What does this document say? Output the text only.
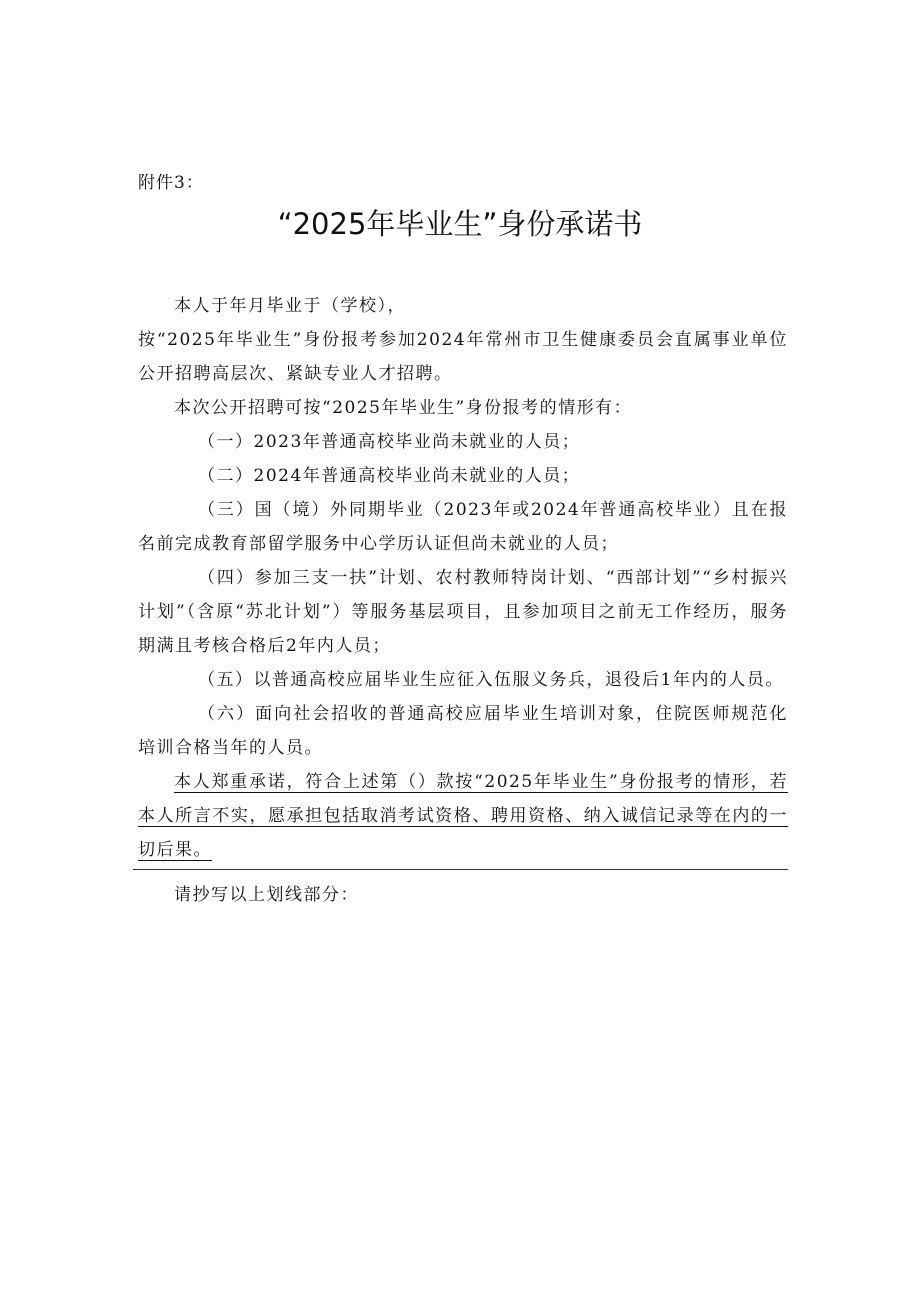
附件3：
“2025年毕业生”身份承诺书

本人于年月毕业于（学校），

按“2025年毕业生”身份报考参加2024年常州市卫生健康委员会直属事业单位公开招聘高层次、紧缺专业人才招聘。

本次公开招聘可按“2025年毕业生”身份报考的情形有：

（一）2023年普通高校毕业尚未就业的人员；

（二）2024年普通高校毕业尚未就业的人员；

（三）国（境）外同期毕业（2023年或2024年普通高校毕业）且在报名前完成教育部留学服务中心学历认证但尚未就业的人员；

（四）参加三支一扶”计划、农村教师特岗计划、“西部计划”“乡村振兴计划”（含原“苏北计划”）等服务基层项目，且参加项目之前无工作经历，服务期满且考核合格后2年内人员；

（五）以普通高校应届毕业生应征入伍服义务兵，退役后1年内的人员。

（六）面向社会招收的普通高校应届毕业生培训对象，住院医师规范化培训合格当年的人员。

本人郑重承诺，符合上述第（）款按“2025年毕业生”身份报考的情形，若本人所言不实，愿承担包括取消考试资格、聘用资格、纳入诚信记录等在内的一切后果。

请抄写以上划线部分：
